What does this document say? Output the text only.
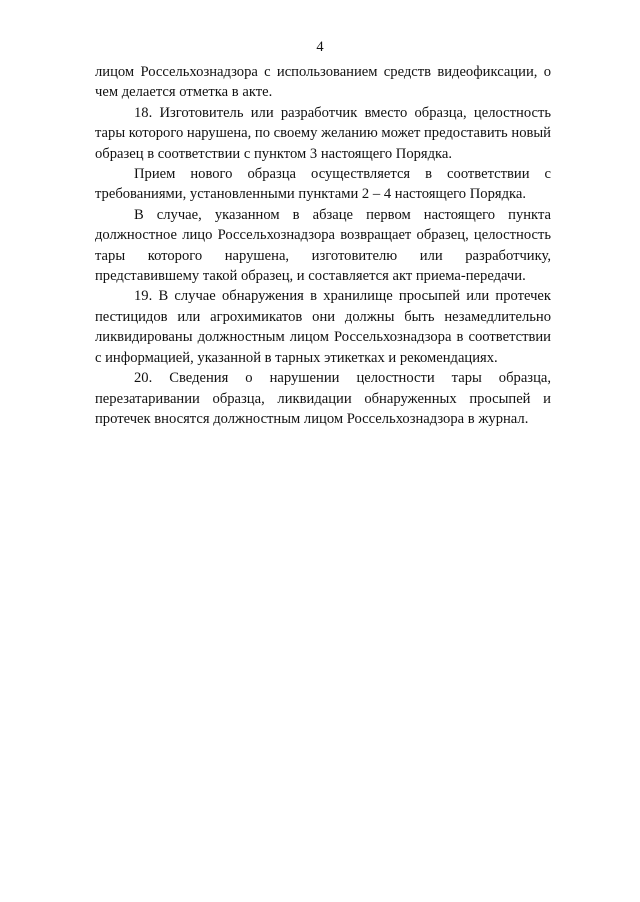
4

лицом Россельхознадзора с использованием средств видеофиксации, о чем делается отметка в акте.

18. Изготовитель или разработчик вместо образца, целостность тары которого нарушена, по своему желанию может предоставить новый образец в соответствии с пунктом 3 настоящего Порядка.

Прием нового образца осуществляется в соответствии с требованиями, установленными пунктами 2 – 4 настоящего Порядка.

В случае, указанном в абзаце первом настоящего пункта должностное лицо Россельхознадзора возвращает образец, целостность тары которого нарушена, изготовителю или разработчику, представившему такой образец, и составляется акт приема-передачи.

19. В случае обнаружения в хранилище просыпей или протечек пестицидов или агрохимикатов они должны быть незамедлительно ликвидированы должностным лицом Россельхознадзора в соответствии с информацией, указанной в тарных этикетках и рекомендациях.

20. Сведения о нарушении целостности тары образца, перезатаривании образца, ликвидации обнаруженных просыпей и протечек вносятся должностным лицом Россельхознадзора в журнал.
